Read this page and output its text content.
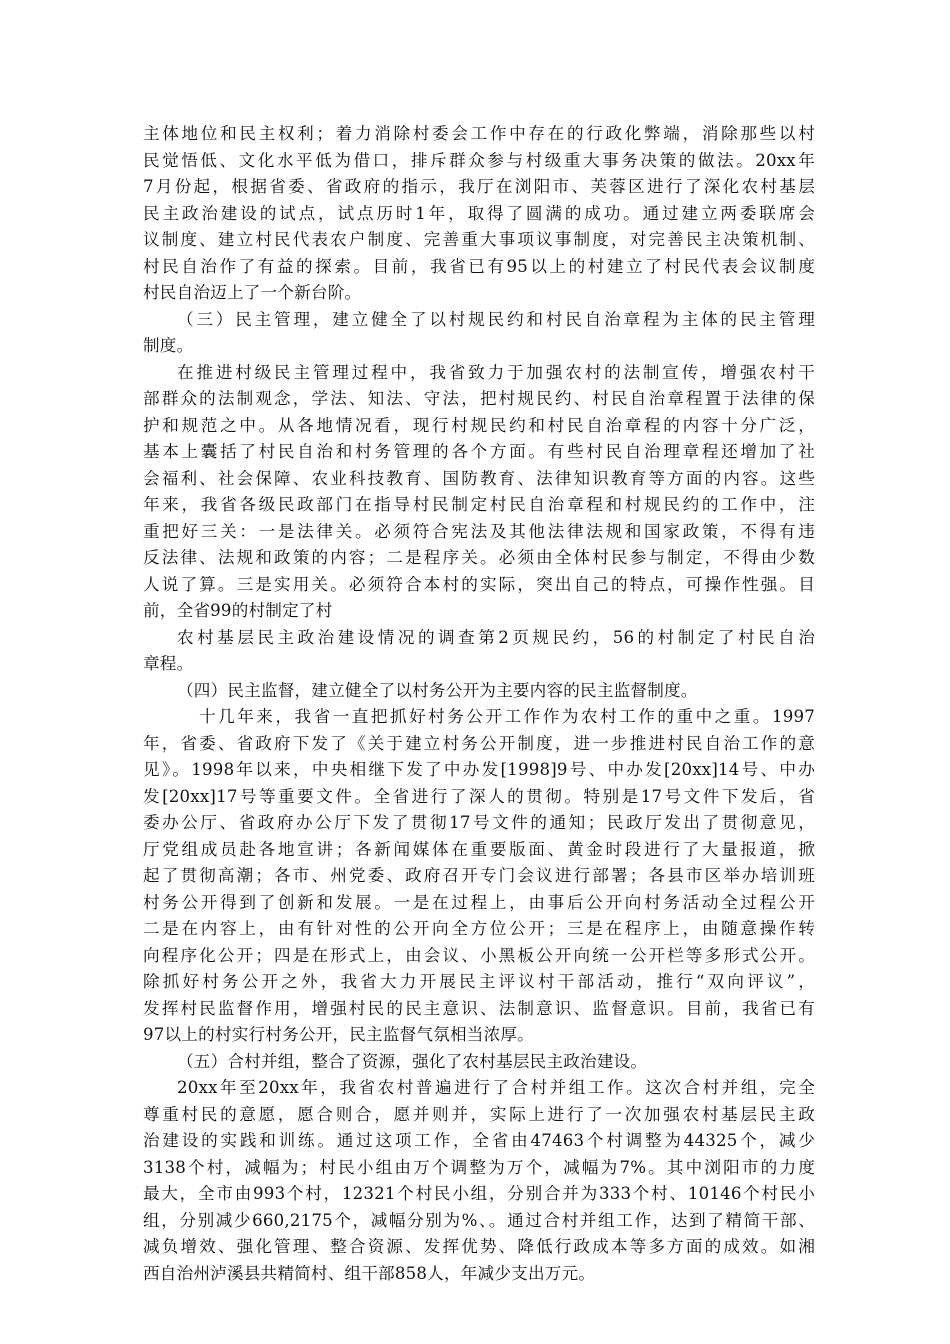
主体地位和民主权利；着力消除村委会工作中存在的行政化弊端，消除那些以村
民觉悟低、文化水平低为借口，排斥群众参与村级重大事务决策的做法。20xx年
7月份起，根据省委、省政府的指示，我厅在浏阳市、芙蓉区进行了深化农村基层
民主政治建设的试点，试点历时1年，取得了圆满的成功。通过建立两委联席会
议制度、建立村民代表农户制度、完善重大事项议事制度，对完善民主决策机制、
村民自治作了有益的探索。目前，我省已有95以上的村建立了村民代表会议制度
村民自治迈上了一个新台阶。
（三）民主管理，建立健全了以村规民约和村民自治章程为主体的民主管理
制度。
在推进村级民主管理过程中，我省致力于加强农村的法制宣传，增强农村干
部群众的法制观念，学法、知法、守法，把村规民约、村民自治章程置于法律的保
护和规范之中。从各地情况看，现行村规民约和村民自治章程的内容十分广泛，
基本上囊括了村民自治和村务管理的各个方面。有些村民自治理章程还增加了社
会福利、社会保障、农业科技教育、国防教育、法律知识教育等方面的内容。这些
年来，我省各级民政部门在指导村民制定村民自治章程和村规民约的工作中，注
重把好三关：一是法律关。必须符合宪法及其他法律法规和国家政策，不得有违
反法律、法规和政策的内容；二是程序关。必须由全体村民参与制定，不得由少数
人说了算。三是实用关。必须符合本村的实际，突出自己的特点，可操作性强。目
前，全省99的村制定了村
农村基层民主政治建设情况的调查第2页规民约，56的村制定了村民自治
章程。
（四）民主监督，建立健全了以村务公开为主要内容的民主监督制度。
十几年来，我省一直把抓好村务公开工作作为农村工作的重中之重。1997
年，省委、省政府下发了《关于建立村务公开制度，进一步推进村民自治工作的意
见》。1998年以来，中央相继下发了中办发[1998]9号、中办发[20xx]14号、中办
发[20xx]17号等重要文件。全省进行了深人的贯彻。特别是17号文件下发后，省
委办公厅、省政府办公厅下发了贯彻17号文件的通知；民政厅发出了贯彻意见，
厅党组成员赴各地宣讲；各新闻媒体在重要版面、黄金时段进行了大量报道，掀
起了贯彻高潮；各市、州党委、政府召开专门会议进行部署；各县市区举办培训班
村务公开得到了创新和发展。一是在过程上，由事后公开向村务活动全过程公开
二是在内容上，由有针对性的公开向全方位公开；三是在程序上，由随意操作转
向程序化公开；四是在形式上，由会议、小黑板公开向统一公开栏等多形式公开。
除抓好村务公开之外，我省大力开展民主评议村干部活动，推行“双向评议”，
发挥村民监督作用，增强村民的民主意识、法制意识、监督意识。目前，我省已有
97以上的村实行村务公开，民主监督气氛相当浓厚。
（五）合村并组，整合了资源，强化了农村基层民主政治建设。
20xx年至20xx年，我省农村普遍进行了合村并组工作。这次合村并组，完全
尊重村民的意愿，愿合则合，愿并则并，实际上进行了一次加强农村基层民主政
治建设的实践和训练。通过这项工作，全省由47463个村调整为44325个，减少
3138个村，减幅为；村民小组由万个调整为万个，减幅为7%。其中浏阳市的力度
最大，全市由993个村，12321个村民小组，分别合并为333个村、10146个村民小
组，分别减少660,2175个，减幅分别为%、。通过合村并组工作，达到了精简干部、
减负增效、强化管理、整合资源、发挥优势、降低行政成本等多方面的成效。如湘
西自治州泸溪县共精简村、组干部858人，年减少支出万元。
